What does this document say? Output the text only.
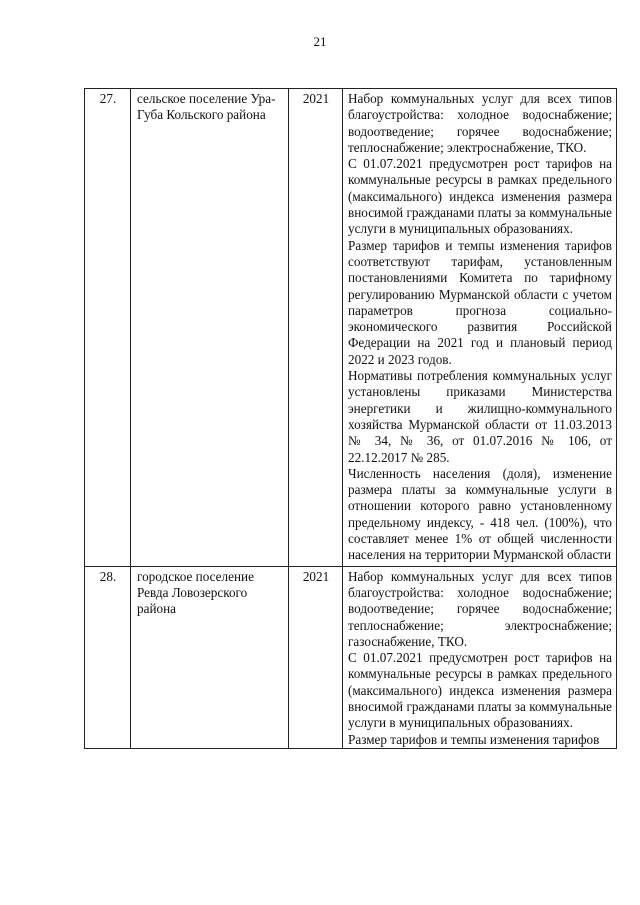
21
27.	сельское поселение Ура-Губа Кольского района	2021	Набор коммунальных услуг для всех типов благоустройства: холодное водоснабжение; водоотведение; горячее водоснабжение; теплоснабжение; электроснабжение, ТКО.

С 01.07.2021 предусмотрен рост тарифов на коммунальные ресурсы в рамках предельного (максимального) индекса изменения размера вносимой гражданами платы за коммунальные услуги в муниципальных образованиях.

Размер тарифов и темпы изменения тарифов соответствуют тарифам, установленным постановлениями Комитета по тарифному регулированию Мурманской области с учетом параметров прогноза социально-экономического развития Российской Федерации на 2021 год и плановый период 2022 и 2023 годов.

Нормативы потребления коммунальных услуг установлены приказами Министерства энергетики и жилищно-коммунального хозяйства Мурманской области от 11.03.2013 № 34, № 36, от 01.07.2016 № 106, от 22.12.2017 № 285.

Численность населения (доля), изменение размера платы за коммунальные услуги в отношении которого равно установленному предельному индексу, - 418 чел. (100%), что составляет менее 1% от общей численности населения на территории Мурманской области

28.	городское поселение Ревда Ловозерского района	2021	Набор коммунальных услуг для всех типов благоустройства: холодное водоснабжение; водоотведение; горячее водоснабжение; теплоснабжение; электроснабжение; газоснабжение, ТКО.

С 01.07.2021 предусмотрен рост тарифов на коммунальные ресурсы в рамках предельного (максимального) индекса изменения размера вносимой гражданами платы за коммунальные услуги в муниципальных образованиях.

Размер тарифов и темпы изменения тарифов
